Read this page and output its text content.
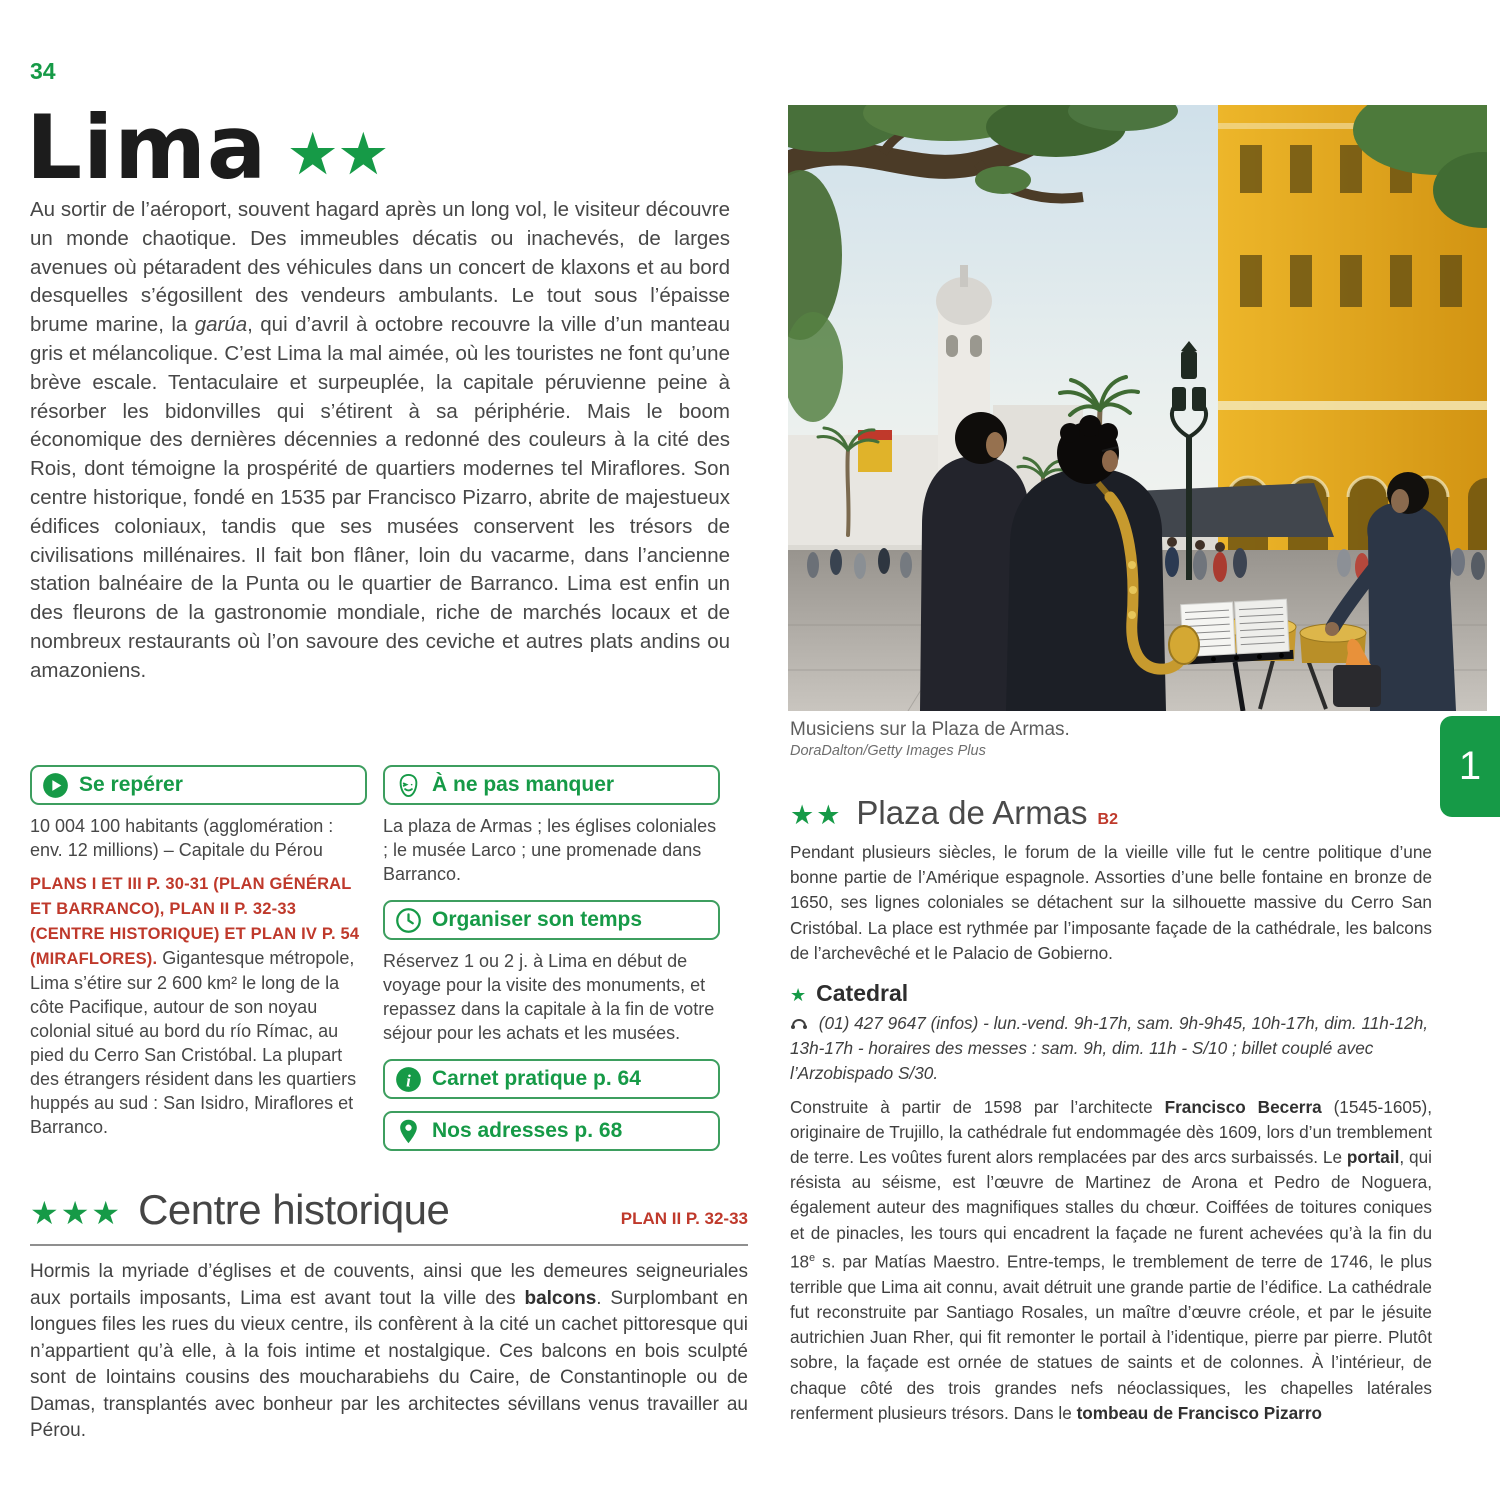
34
Lima ★★

Au sortir de l’aéroport, souvent hagard après un long vol, le visiteur découvre un monde chaotique. Des immeubles décatis ou inachevés, de larges avenues où pétaradent des véhicules dans un concert de klaxons et au bord desquelles s’égosillent des vendeurs ambulants. Le tout sous l’épaisse brume marine, la garúa, qui d’avril à octobre recouvre la ville d’un manteau gris et mélancolique. C’est Lima la mal aimée, où les touristes ne font qu’une brève escale. Tentaculaire et surpeuplée, la capitale péruvienne peine à résorber les bidonvilles qui s’étirent à sa périphérie. Mais le boom économique des dernières décennies a redonné des couleurs à la cité des Rois, dont témoigne la prospérité de quartiers modernes tel Miraflores. Son centre historique, fondé en 1535 par Francisco Pizarro, abrite de majestueux édifices coloniaux, tandis que ses musées conservent les trésors de civilisations millénaires. Il fait bon flâner, loin du vacarme, dans l’ancienne station balnéaire de la Punta ou le quartier de Barranco. Lima est enfin un des fleurons de la gastronomie mondiale, riche de marchés locaux et de nombreux restaurants où l’on savoure des ceviche et autres plats andins ou amazoniens.

Se repérer

10 004 100 habitants (agglomération : env. 12 millions) – Capitale du Pérou

PLANS I ET III P. 30-31 (PLAN GÉNÉRAL ET BARRANCO), PLAN II P. 32-33 (CENTRE HISTORIQUE) ET PLAN IV P. 54 (MIRAFLORES). Gigantesque métropole, Lima s’étire sur 2 600 km² le long de la côte Pacifique, autour de son noyau colonial situé au bord du río Rímac, au pied du Cerro San Cristóbal. La plupart des étrangers résident dans les quartiers huppés au sud : San Isidro, Miraflores et Barranco.

À ne pas manquer

La plaza de Armas ; les églises coloniales ; le musée Larco ; une promenade dans Barranco.

Organiser son temps

Réservez 1 ou 2 j. à Lima en début de voyage pour la visite des monuments, et repassez dans la capitale à la fin de votre séjour pour les achats et les musées.

i Carnet pratique p. 64
Nos adresses p. 68
Musiciens sur la Plaza de Armas.
DoraDalton/Getty Images Plus	1
★★ Plaza de Armas B2

Pendant plusieurs siècles, le forum de la vieille ville fut le centre politique d’une bonne partie de l’Amérique espagnole. Assorties d’une belle fontaine en bronze de 1650, ses lignes coloniales se détachent sur la silhouette massive du Cerro San Cristóbal. La place est rythmée par l’imposante façade de la cathédrale, les balcons de l’archevêché et le Palacio de Gobierno.

★ Catedral
(01) 427 9647 (infos) - lun.-vend. 9h-17h, sam. 9h-9h45, 10h-17h, dim. 11h-12h, 13h-17h - horaires des messes : sam. 9h, dim. 11h - S/10 ; billet couplé avec l’Arzobispado S/30.

Construite à partir de 1598 par l’architecte Francisco Becerra (1545-1605), originaire de Trujillo, la cathédrale fut endommagée dès 1609, lors d’un tremblement de terre. Les voûtes furent alors remplacées par des arcs surbaissés. Le portail, qui résista au séisme, est l’œuvre de Martinez de Arona et Pedro de Noguera, également auteur des magnifiques stalles du chœur. Coiffées de toitures coniques et de pinacles, les tours qui encadrent la façade ne furent achevées qu’à la fin du 18e s. par Matías Maestro. Entre-temps, le tremblement de terre de 1746, le plus terrible que Lima ait connu, avait détruit une grande partie de l’édifice. La cathédrale fut reconstruite par Santiago Rosales, un maître d’œuvre créole, et par le jésuite autrichien Juan Rher, qui fit remonter le portail à l’identique, pierre par pierre. Plutôt sobre, la façade est ornée de statues de saints et de colonnes. À l’intérieur, de chaque côté des trois grandes nefs néoclassiques, les chapelles latérales renferment plusieurs trésors. Dans le tombeau de Francisco Pizarro

★★★ Centre historique	PLAN II P. 32-33

Hormis la myriade d’églises et de couvents, ainsi que les demeures seigneuriales aux portails imposants, Lima est avant tout la ville des balcons. Surplombant en longues files les rues du vieux centre, ils confèrent à la cité un cachet pittoresque qui n’appartient qu’à elle, à la fois intime et nostalgique. Ces balcons en bois sculpté sont de lointains cousins des moucharabiehs du Caire, de Constantinople ou de Damas, transplantés avec bonheur par les architectes sévillans venus travailler au Pérou.
